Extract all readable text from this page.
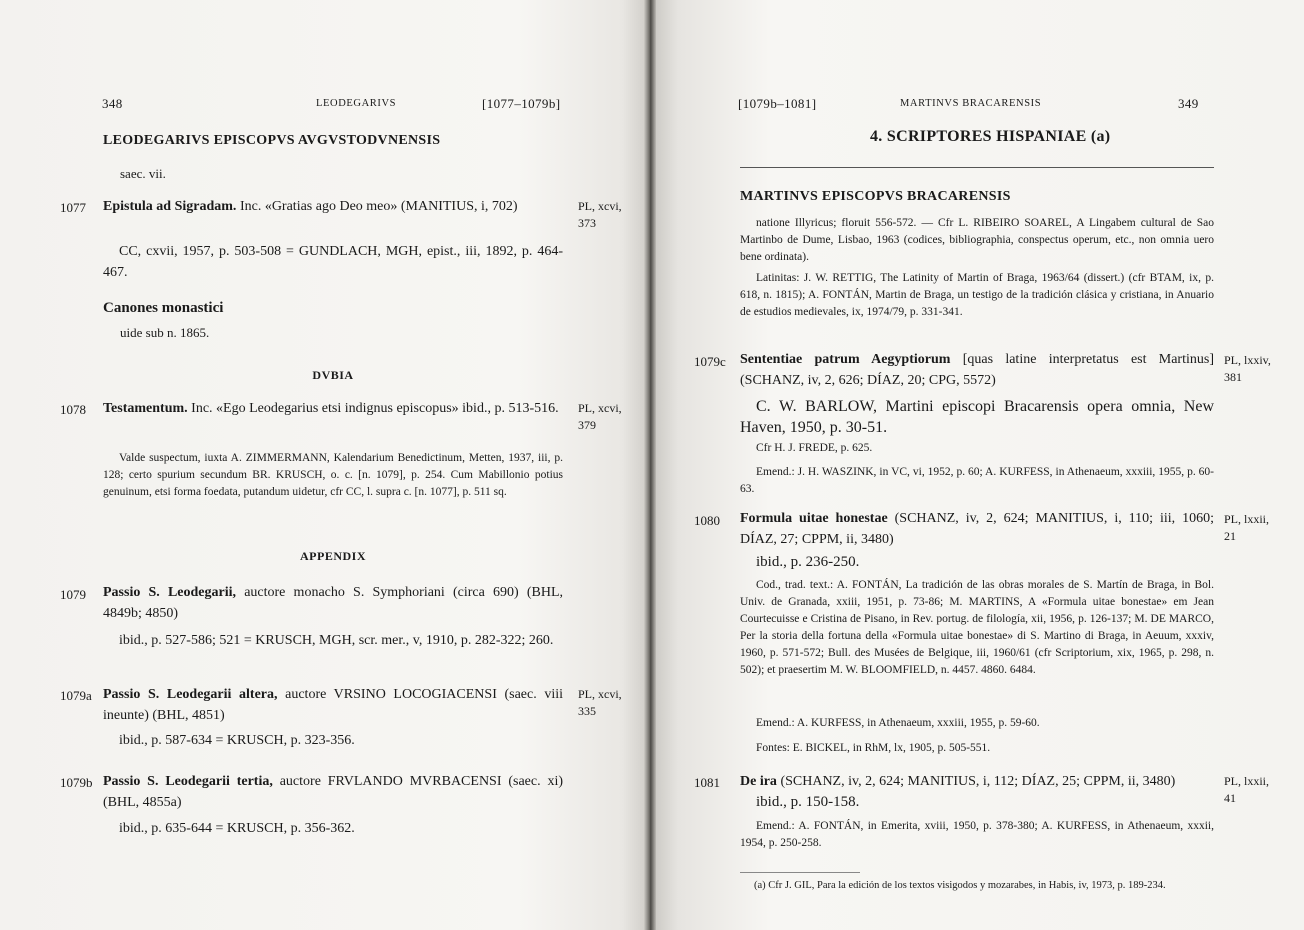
348	LEODEGARIVS	[1077–1079b]
LEODEGARIVS EPISCOPVS AVGVSTODVNENSIS
saec. vii.
1077 Epistula ad Sigradam. Inc. «Gratias ago Deo meo» (MANITIUS, i, 702)	PL, xcvi,
373
CC, cxvii, 1957, p. 503-508 = GUNDLACH, MGH, epist., iii, 1892, p. 464-467.
Canones monastici
uide sub n. 1865.
DVBIA
1078 Testamentum. Inc. «Ego Leodegarius etsi indignus episcopus» ibid., p. 513-516.	PL, xcvi,
379
Valde suspectum, iuxta A. ZIMMERMANN, Kalendarium Benedictinum, Metten, 1937, iii, p. 128; certo spurium secundum BR. KRUSCH, o. c. [n. 1079], p. 254. Cum Mabillonio potius genuinum, etsi forma foedata, putandum uidetur, cfr CC, l. supra c. [n. 1077], p. 511 sq.
APPENDIX
1079 Passio S. Leodegarii, auctore monacho S. Symphoriani (circa 690) (BHL, 4849b; 4850)
ibid., p. 527-586; 521 = KRUSCH, MGH, scr. mer., v, 1910, p. 282-322; 260.
1079a Passio S. Leodegarii altera, auctore VRSINO LOCOGIACENSI (saec. viii ineunte) (BHL, 4851)
PL, xcvi,
335
ibid., p. 587-634 = KRUSCH, p. 323-356.
1079b Passio S. Leodegarii tertia, auctore FRVLANDO MVRBACENSI (saec. xi) (BHL, 4855a)
ibid., p. 635-644 = KRUSCH, p. 356-362.
[1079b–1081]	MARTINVS BRACARENSIS	349
4. SCRIPTORES HISPANIAE (a)
MARTINVS EPISCOPVS BRACARENSIS
natione Illyricus; floruit 556-572. — Cfr L. RIBEIRO SOAREL, A Lingabem cultural de Sao Martinbo de Dume, Lisbao, 1963 (codices, bibliographia, conspectus operum, etc., non omnia uero bene ordinata).
Latinitas: J. W. RETTIG, The Latinity of Martin of Braga, 1963/64 (dissert.) (cfr BTAM, ix, p. 618, n. 1815); A. FONTÁN, Martin de Braga, un testigo de la tradición clásica y cristiana, in Anuario de estudios medievales, ix, 1974/79, p. 331-341.
1079c Sententiae patrum Aegyptiorum [quas latine interpretatus est Martinus] (SCHANZ, iv, 2, 626; DÍAZ, 20; CPG, 5572)
PL, lxxiv,
381
C. W. BARLOW, Martini episcopi Bracarensis opera omnia, New Haven, 1950, p. 30-51.
Cfr H. J. FREDE, p. 625.
Emend.: J. H. WASZINK, in VC, vi, 1952, p. 60; A. KURFESS, in Athenaeum, xxxiii, 1955, p. 60-63.
1080 Formula uitae honestae (SCHANZ, iv, 2, 624; MANITIUS, i, 110; iii, 1060; DÍAZ, 27; CPPM, ii, 3480)
PL, lxxii,
21
ibid., p. 236-250.
Cod., trad. text.: A. FONTÁN, La tradición de las obras morales de S. Martín de Braga, in Bol. Univ. de Granada, xxiii, 1951, p. 73-86; M. MARTINS, A «Formula uitae bonestae» em Jean Courtecuisse e Cristina de Pisano, in Rev. portug. de filología, xii, 1956, p. 126-137; M. DE MARCO, Per la storia della fortuna della «Formula uitae bonestae» di S. Martino di Braga, in Aeuum, xxxiv, 1960, p. 571-572; Bull. des Musées de Belgique, iii, 1960/61 (cfr Scriptorium, xix, 1965, p. 298, n. 502); et praesertim M. W. BLOOMFIELD, n. 4457. 4860. 6484.
Emend.: A. KURFESS, in Athenaeum, xxxiii, 1955, p. 59-60.
Fontes: E. BICKEL, in RhM, lx, 1905, p. 505-551.
1081 De ira (SCHANZ, iv, 2, 624; MANITIUS, i, 112; DÍAZ, 25; CPPM, ii, 3480)	PL, lxxii,
41
ibid., p. 150-158.
Emend.: A. FONTÁN, in Emerita, xviii, 1950, p. 378-380; A. KURFESS, in Athenaeum, xxxii, 1954, p. 250-258.
(a) Cfr J. GIL, Para la edición de los textos visigodos y mozarabes, in Habis, iv, 1973, p. 189-234.
